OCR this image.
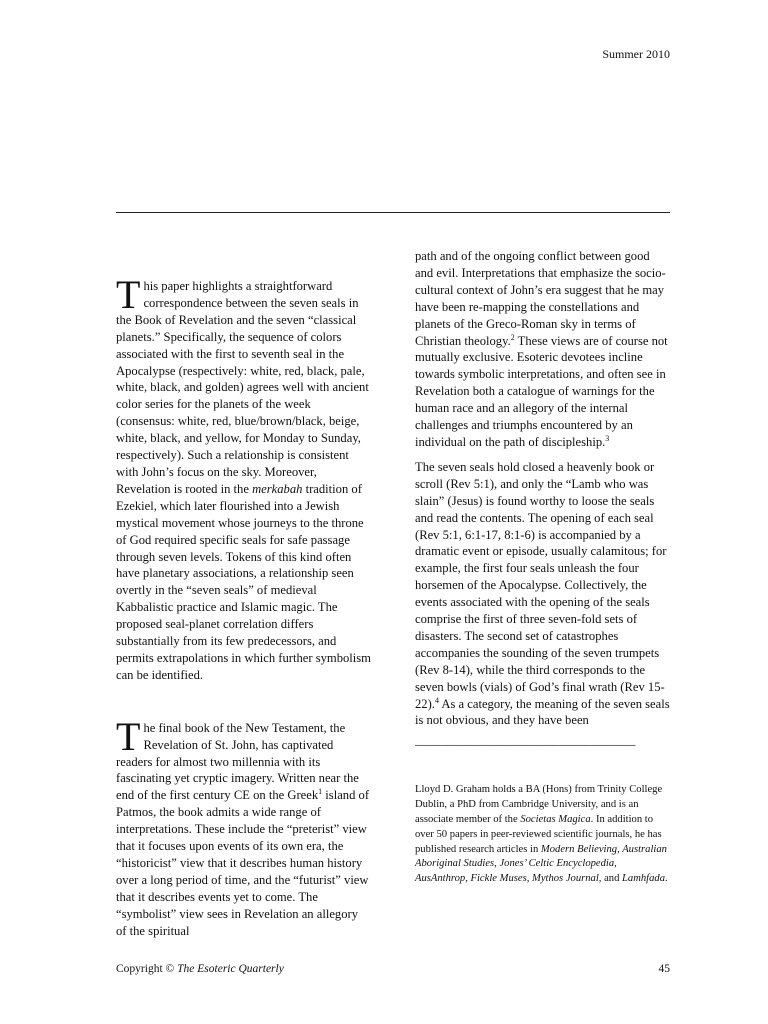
Summer 2010

This paper highlights a straightforward correspondence between the seven seals in the Book of Revelation and the seven “classical planets.” Specifically, the sequence of colors associated with the first to seventh seal in the Apocalypse (respectively: white, red, black, pale, white, black, and golden) agrees well with ancient color series for the planets of the week (consensus: white, red, blue/brown/black, beige, white, black, and yellow, for Monday to Sunday, respectively). Such a relationship is consistent with John’s focus on the sky. Moreover, Revelation is rooted in the merkabah tradition of Ezekiel, which later flourished into a Jewish mystical movement whose journeys to the throne of God required specific seals for safe passage through seven levels. Tokens of this kind often have planetary associations, a relationship seen overtly in the “seven seals” of medieval Kabbalistic practice and Islamic magic. The proposed seal-planet correlation differs substantially from its few predecessors, and permits extrapolations in which further symbolism can be identified.

The final book of the New Testament, the Revelation of St. John, has captivated readers for almost two millennia with its fascinating yet cryptic imagery. Written near the end of the first century CE on the Greek$^1$ island of Patmos, the book admits a wide range of interpretations. These include the “preterist” view that it focuses upon events of its own era, the “historicist” view that it describes human history over a long period of time, and the “futurist” view that it describes events yet to come. The “symbolist” view sees in Revelation an allegory of the spiritual

path and of the ongoing conflict between good and evil. Interpretations that emphasize the socio-cultural context of John’s era suggest that he may have been re-mapping the constellations and planets of the Greco-Roman sky in terms of Christian theology.$^2$ These views are of course not mutually exclusive. Esoteric devotees incline towards symbolic interpretations, and often see in Revelation both a catalogue of warnings for the human race and an allegory of the internal challenges and triumphs encountered by an individual on the path of discipleship.$^3$

The seven seals hold closed a heavenly book or scroll (Rev 5:1), and only the “Lamb who was slain” (Jesus) is found worthy to loose the seals and read the contents. The opening of each seal (Rev 5:1, 6:1-17, 8:1-6) is accompanied by a dramatic event or episode, usually calamitous; for example, the first four seals unleash the four horsemen of the Apocalypse. Collectively, the events associated with the opening of the seals comprise the first of three seven-fold sets of disasters. The second set of catastrophes accompanies the sounding of the seven trumpets (Rev 8-14), while the third corresponds to the seven bowls (vials) of God’s final wrath (Rev 15-22).$^4$ As a category, the meaning of the seven seals is not obvious, and they have been

___________________________________

Lloyd D. Graham holds a BA (Hons) from Trinity College Dublin, a PhD from Cambridge University, and is an associate member of the Societas Magica. In addition to over 50 papers in peer-reviewed scientific journals, he has published research articles in Modern Believing, Australian Aboriginal Studies, Jones’ Celtic Encyclopedia, AusAnthrop, Fickle Muses, Mythos Journal, and Lamhfada.

Copyright © The Esoteric Quarterly	45
